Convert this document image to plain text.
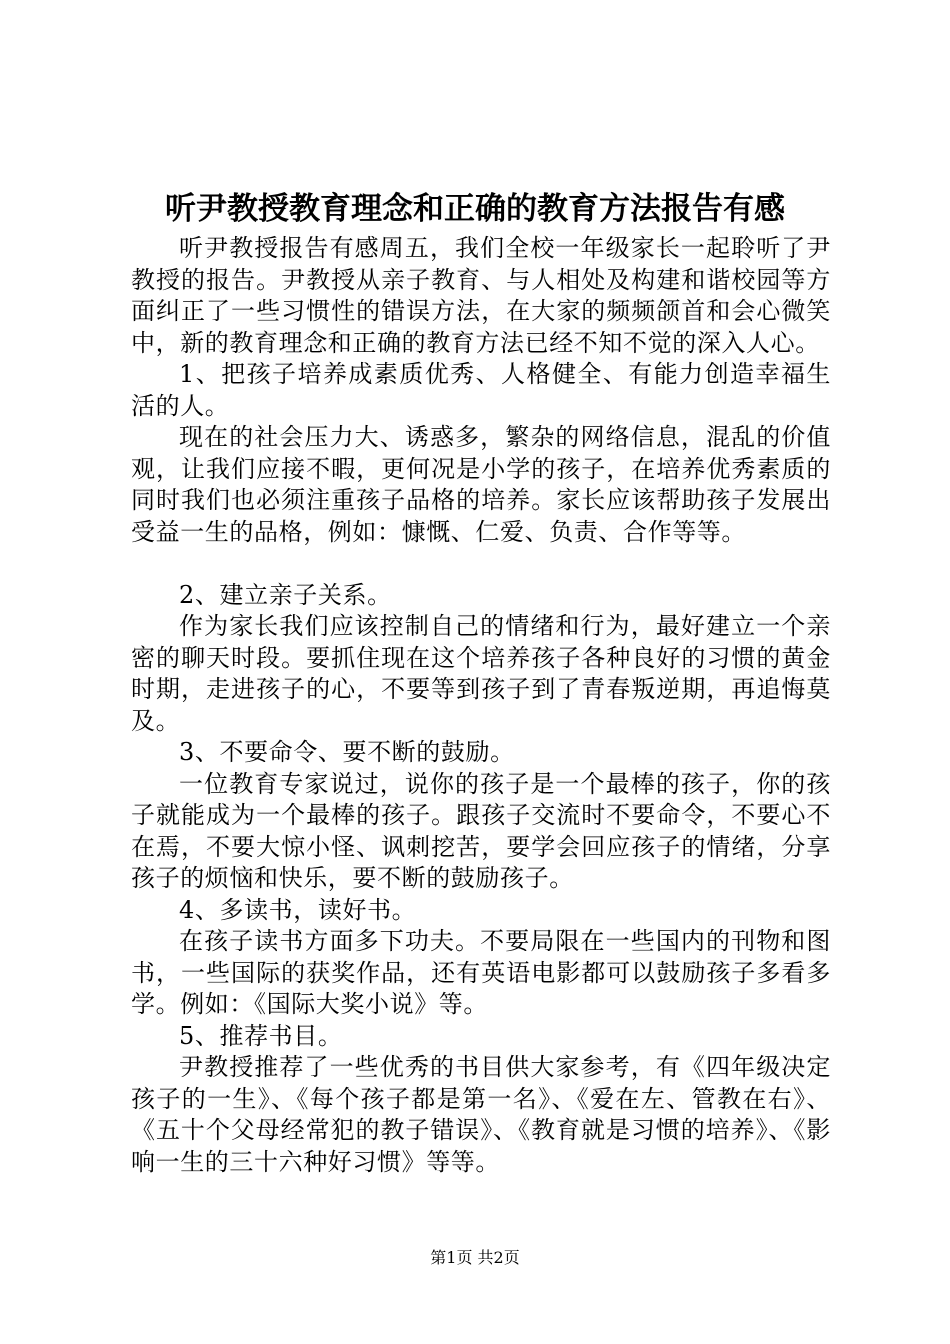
听尹教授教育理念和正确的教育方法报告有感

听尹教授报告有感周五，我们全校一年级家长一起聆听了尹教授的报告。尹教授从亲子教育、与人相处及构建和谐校园等方面纠正了一些习惯性的错误方法，在大家的频频颌首和会心微笑中，新的教育理念和正确的教育方法已经不知不觉的深入人心。

1、把孩子培养成素质优秀、人格健全、有能力创造幸福生活的人。

现在的社会压力大、诱惑多，繁杂的网络信息，混乱的价值观，让我们应接不暇，更何况是小学的孩子，在培养优秀素质的同时我们也必须注重孩子品格的培养。家长应该帮助孩子发展出受益一生的品格，例如：慷慨、仁爱、负责、合作等等。

2、建立亲子关系。

作为家长我们应该控制自己的情绪和行为，最好建立一个亲密的聊天时段。要抓住现在这个培养孩子各种良好的习惯的黄金时期，走进孩子的心，不要等到孩子到了青春叛逆期，再追悔莫及。

3、不要命令、要不断的鼓励。

一位教育专家说过，说你的孩子是一个最棒的孩子，你的孩子就能成为一个最棒的孩子。跟孩子交流时不要命令，不要心不在焉，不要大惊小怪、讽刺挖苦，要学会回应孩子的情绪，分享孩子的烦恼和快乐，要不断的鼓励孩子。

4、多读书，读好书。

在孩子读书方面多下功夫。不要局限在一些国内的刊物和图书，一些国际的获奖作品，还有英语电影都可以鼓励孩子多看多学。例如：《国际大奖小说》等。

5、推荐书目。

尹教授推荐了一些优秀的书目供大家参考，有《四年级决定孩子的一生》、《每个孩子都是第一名》、《爱在左、管教在右》、《五十个父母经常犯的教子错误》、《教育就是习惯的培养》、《影响一生的三十六种好习惯》等等。

第1页 共2页
